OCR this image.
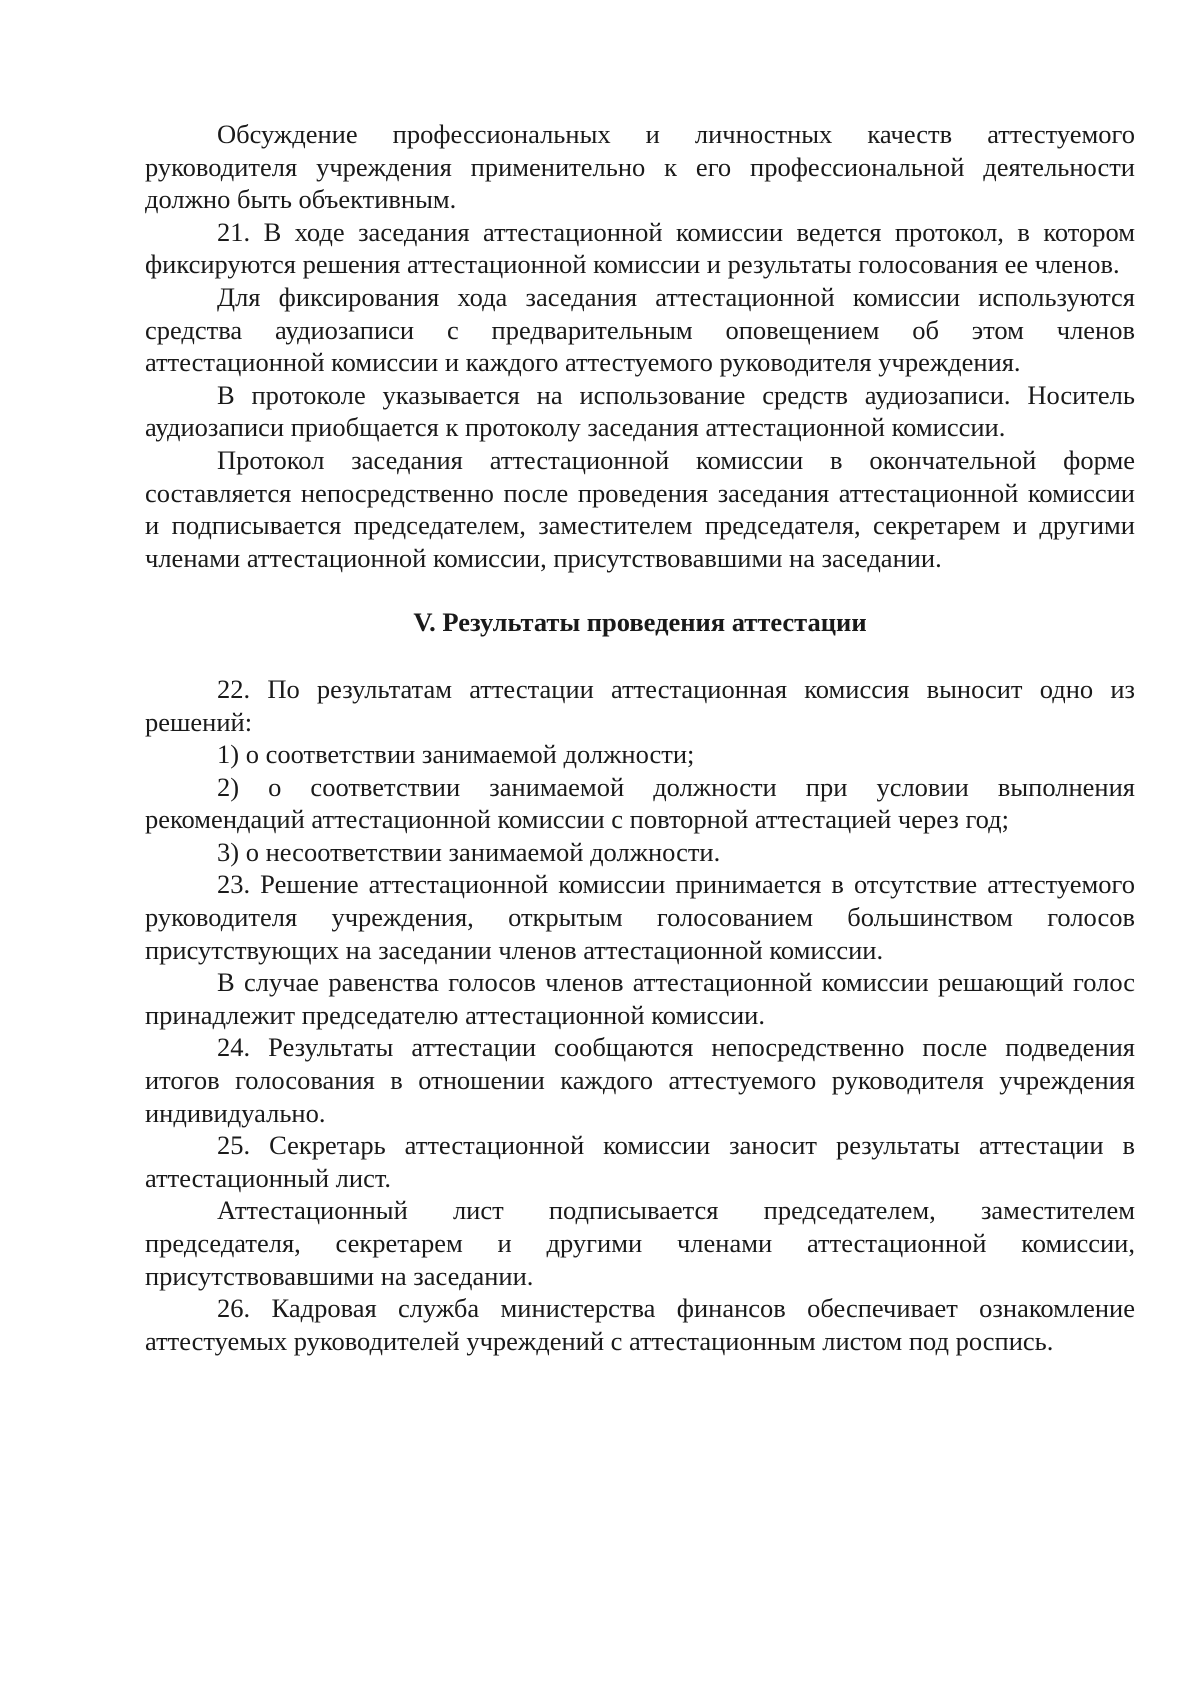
Обсуждение профессиональных и личностных качеств аттестуемого руководителя учреждения применительно к его профессиональной деятельности должно быть объективным.

21. В ходе заседания аттестационной комиссии ведется протокол, в котором фиксируются решения аттестационной комиссии и результаты голосования ее членов.

Для фиксирования хода заседания аттестационной комиссии используются средства аудиозаписи с предварительным оповещением об этом членов аттестационной комиссии и каждого аттестуемого руководителя учреждения.

В протоколе указывается на использование средств аудиозаписи. Носитель аудиозаписи приобщается к протоколу заседания аттестационной комиссии.

Протокол заседания аттестационной комиссии в окончательной форме составляется непосредственно после проведения заседания аттестационной комиссии и подписывается председателем, заместителем председателя, секретарем и другими членами аттестационной комиссии, присутствовавшими на заседании.

V. Результаты проведения аттестации

22. По результатам аттестации аттестационная комиссия выносит одно из решений:

1) о соответствии занимаемой должности;

2) о соответствии занимаемой должности при условии выполнения рекомендаций аттестационной комиссии с повторной аттестацией через год;

3) о несоответствии занимаемой должности.

23. Решение аттестационной комиссии принимается в отсутствие аттестуемого руководителя учреждения, открытым голосованием большинством голосов присутствующих на заседании членов аттестационной комиссии.

В случае равенства голосов членов аттестационной комиссии решающий голос принадлежит председателю аттестационной комиссии.

24. Результаты аттестации сообщаются непосредственно после подведения итогов голосования в отношении каждого аттестуемого руководителя учреждения индивидуально.

25. Секретарь аттестационной комиссии заносит результаты аттестации в аттестационный лист.

Аттестационный лист подписывается председателем, заместителем председателя, секретарем и другими членами аттестационной комиссии, присутствовавшими на заседании.

26. Кадровая служба министерства финансов обеспечивает ознакомление аттестуемых руководителей учреждений с аттестационным листом под роспись.
